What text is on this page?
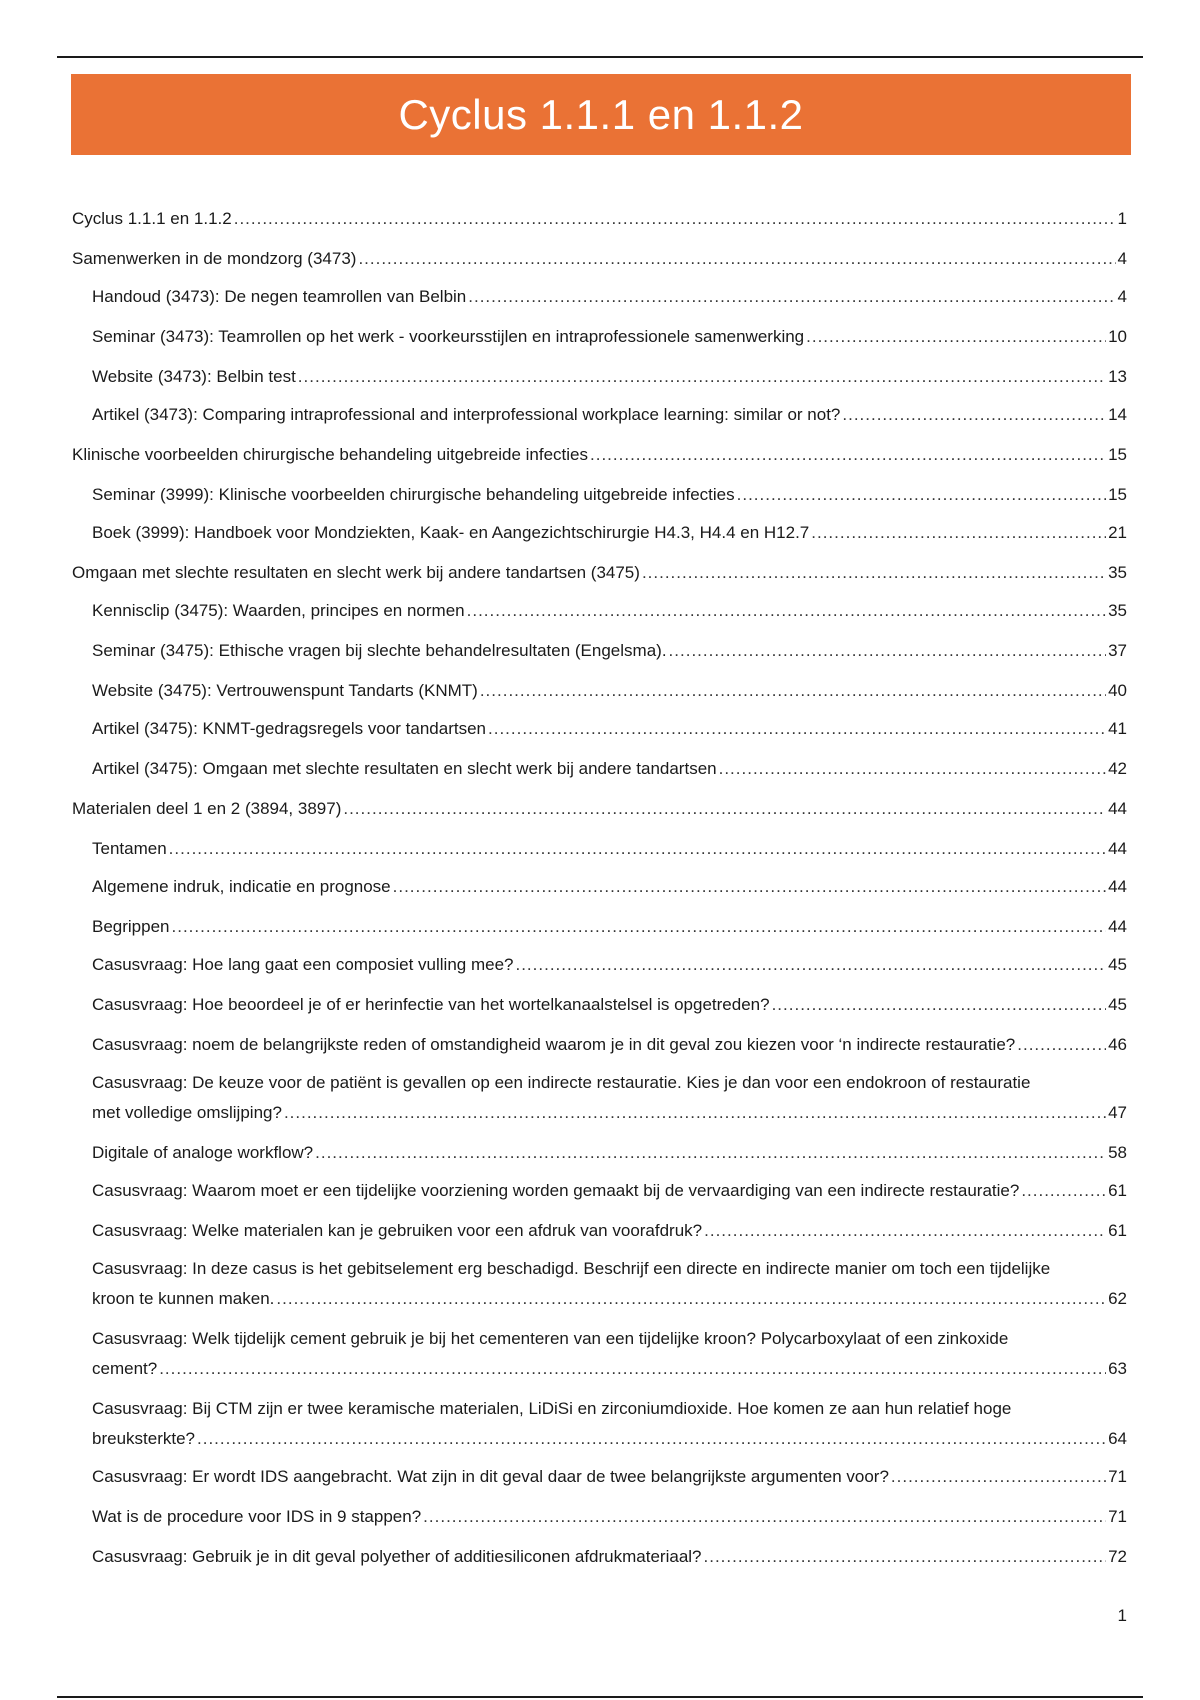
Cyclus 1.1.1 en 1.1.2
Cyclus 1.1.1 en 1.1.2 .....	1
Samenwerken in de mondzorg (3473) .....	4
Handoud (3473): De negen teamrollen van Belbin .....	4
Seminar (3473): Teamrollen op het werk - voorkeursstijlen en intraprofessionele samenwerking .....	10
Website (3473): Belbin test .....	13
Artikel (3473): Comparing intraprofessional and interprofessional workplace learning: similar or not? .....	14
Klinische voorbeelden chirurgische behandeling uitgebreide infecties .....	15
Seminar (3999): Klinische voorbeelden chirurgische behandeling uitgebreide infecties .....	15
Boek (3999): Handboek voor Mondziekten, Kaak- en Aangezichtschirurgie H4.3, H4.4 en H12.7 .....	21
Omgaan met slechte resultaten en slecht werk bij andere tandartsen (3475) .....	35
Kennisclip (3475): Waarden, principes en normen .....	35
Seminar (3475): Ethische vragen bij slechte behandelresultaten (Engelsma). .....	37
Website (3475): Vertrouwenspunt Tandarts (KNMT) .....	40
Artikel (3475): KNMT-gedragsregels voor tandartsen .....	41
Artikel (3475): Omgaan met slechte resultaten en slecht werk bij andere tandartsen .....	42
Materialen deel 1 en 2 (3894, 3897) .....	44
Tentamen .....	44
Algemene indruk, indicatie en prognose .....	44
Begrippen .....	44
Casusvraag: Hoe lang gaat een composiet vulling mee? .....	45
Casusvraag: Hoe beoordeel je of er herinfectie van het wortelkanaalstelsel is opgetreden? .....	45
Casusvraag: noem de belangrijkste reden of omstandigheid waarom je in dit geval zou kiezen voor ‘n indirecte restauratie? .....	46
Casusvraag: De keuze voor de patiënt is gevallen op een indirecte restauratie. Kies je dan voor een endokroon of restauratie
met volledige omslijping? .....	47
Digitale of analoge workflow? .....	58
Casusvraag: Waarom moet er een tijdelijke voorziening worden gemaakt bij de vervaardiging van een indirecte restauratie? .....	61
Casusvraag: Welke materialen kan je gebruiken voor een afdruk van voorafdruk? .....	61
Casusvraag: In deze casus is het gebitselement erg beschadigd. Beschrijf een directe en indirecte manier om toch een tijdelijke
kroon te kunnen maken. .....	62
Casusvraag: Welk tijdelijk cement gebruik je bij het cementeren van een tijdelijke kroon? Polycarboxylaat of een zinkoxide
cement? .....	63
Casusvraag: Bij CTM zijn er twee keramische materialen, LiDiSi en zirconiumdioxide. Hoe komen ze aan hun relatief hoge
breuksterkte? .....	64
Casusvraag: Er wordt IDS aangebracht. Wat zijn in dit geval daar de twee belangrijkste argumenten voor? .....	71
Wat is de procedure voor IDS in 9 stappen? .....	71
Casusvraag: Gebruik je in dit geval polyether of additiesiliconen afdrukmateriaal? .....	72
1
